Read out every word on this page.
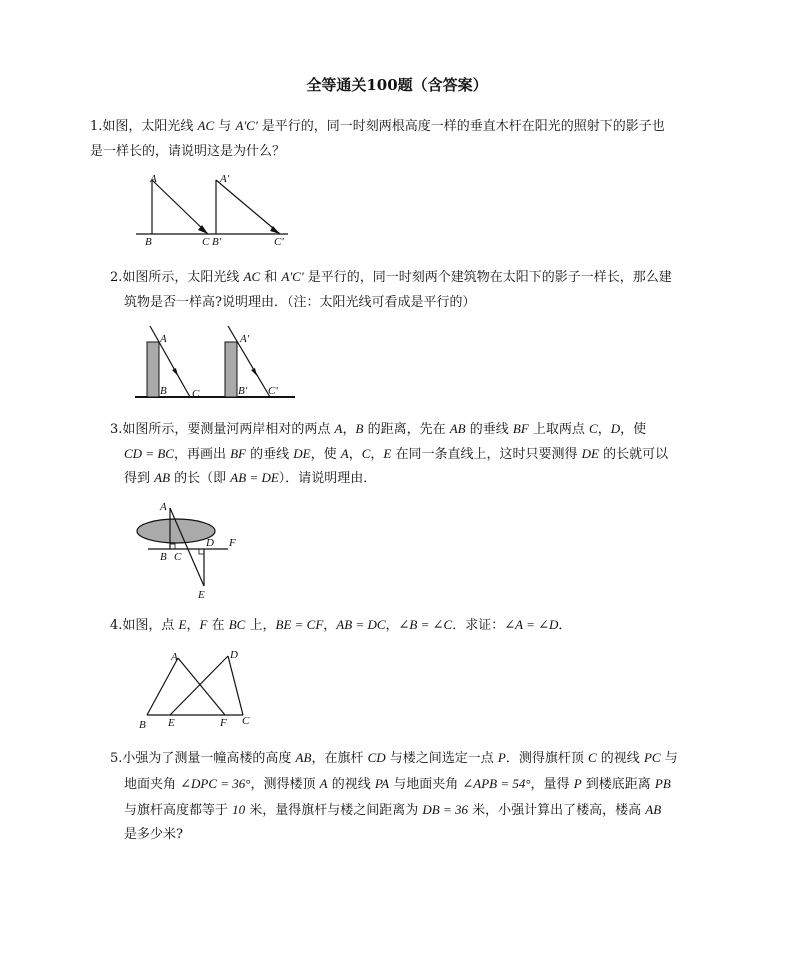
全等通关100题（含答案）

1.如图，太阳光线 AC 与 A'C' 是平行的，同一时刻两根高度一样的垂直木杆在阳光的照射下的影子也

是一样长的，请说明这是为什么？

A
B	C
A'
B'	C'

2.如图所示，太阳光线 AC 和 A'C' 是平行的，同一时刻两个建筑物在太阳下的影子一样长，那么建

筑物是否一样高?说明理由．（注：太阳光线可看成是平行的）

A
B C
A'
B' C'

3.如图所示，要测量河两岸相对的两点 A，B 的距离，先在 AB 的垂线 BF 上取两点 C，D，使

CD = BC，再画出 BF 的垂线 DE，使 A，C，E 在同一条直线上，这时只要测得 DE 的长就可以

得到 AB 的长（即 AB = DE）．请说明理由．

A
B C
D F
E

4.如图，点 E，F 在 BC 上，BE = CF，AB = DC，∠B = ∠C．求证：∠A = ∠D．

A	D
B E	F C

5.小强为了测量一幢高楼的高度 AB，在旗杆 CD 与楼之间选定一点 P．测得旗杆顶 C 的视线 PC 与

地面夹角 ∠DPC = 36°，测得楼顶 A 的视线 PA 与地面夹角 ∠APB = 54°，量得 P 到楼底距离 PB

与旗杆高度都等于 10 米，量得旗杆与楼之间距离为 DB = 36 米，小强计算出了楼高，楼高 AB

是多少米?
